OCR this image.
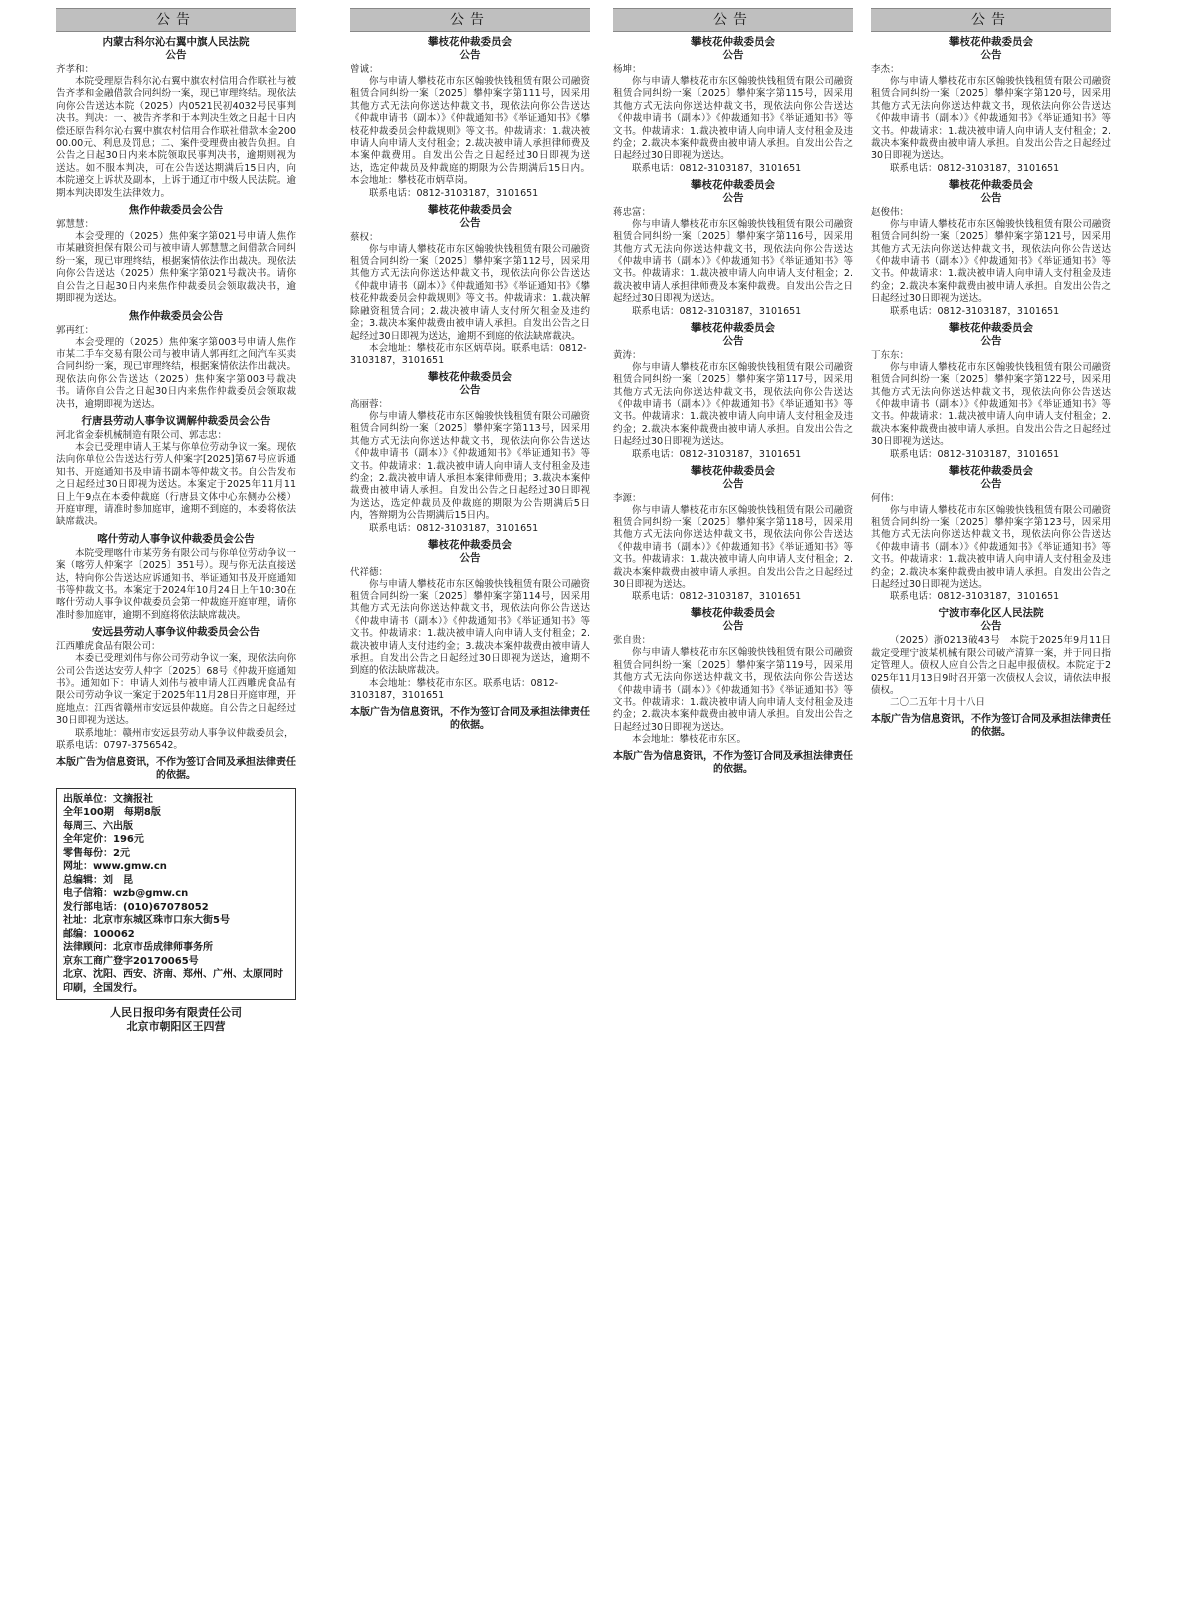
公告
内蒙古科尔沁右翼中旗人民法院
公告
齐孝和：

本院受理原告科尔沁右翼中旗农村信用合作联社与被告齐孝和金融借款合同纠纷一案，现已审理终结。现依法向你公告送达本院（2025）内0521民初4032号民事判决书。判决：一、被告齐孝和于本判决生效之日起十日内偿还原告科尔沁右翼中旗农村信用合作联社借款本金20000.00元、利息及罚息；二、案件受理费由被告负担。自公告之日起30日内来本院领取民事判决书，逾期则视为送达。如不服本判决，可在公告送达期满后15日内，向本院递交上诉状及副本，上诉于通辽市中级人民法院。逾期本判决即发生法律效力。

焦作仲裁委员会公告
郭慧慧：

本会受理的（2025）焦仲案字第021号申请人焦作市某融资担保有限公司与被申请人郭慧慧之间借款合同纠纷一案，现已审理终结，根据案情依法作出裁决。现依法向你公告送达（2025）焦仲案字第021号裁决书。请你自公告之日起30日内来焦作仲裁委员会领取裁决书，逾期即视为送达。

焦作仲裁委员会公告
郭再红：

本会受理的（2025）焦仲案字第003号申请人焦作市某二手车交易有限公司与被申请人郭再红之间汽车买卖合同纠纷一案，现已审理终结，根据案情依法作出裁决。现依法向你公告送达（2025）焦仲案字第003号裁决书。请你自公告之日起30日内来焦作仲裁委员会领取裁决书，逾期即视为送达。

行唐县劳动人事争议调解仲裁委员会公告
河北省金泰机械制造有限公司、郭志忠：

本会已受理申请人王某与你单位劳动争议一案。现依法向你单位公告送达行劳人仲案字[2025]第67号应诉通知书、开庭通知书及申请书副本等仲裁文书。自公告发布之日起经过30日即视为送达。本案定于2025年11月11日上午9点在本委仲裁庭（行唐县文体中心东侧办公楼）开庭审理，请准时参加庭审，逾期不到庭的，本委将依法缺席裁决。

喀什劳动人事争议仲裁委员会公告

本院受理喀什市某劳务有限公司与你单位劳动争议一案（喀劳人仲案字〔2025〕351号）。现与你无法直接送达，特向你公告送达应诉通知书、举证通知书及开庭通知书等仲裁文书。本案定于2024年10月24日上午10:30在喀什劳动人事争议仲裁委员会第一仲裁庭开庭审理，请你准时参加庭审，逾期不到庭将依法缺席裁决。

安远县劳动人事争议仲裁委员会公告
江西雕虎食品有限公司：

本委已受理刘伟与你公司劳动争议一案，现依法向你公司公告送达安劳人仲字〔2025〕68号《仲裁开庭通知书》。通知如下：申请人刘伟与被申请人江西雕虎食品有限公司劳动争议一案定于2025年11月28日开庭审理，开庭地点：江西省赣州市安远县仲裁庭。自公告之日起经过30日即视为送达。

联系地址：赣州市安远县劳动人事争议仲裁委员会，联系电话：0797-3756542。

本版广告为信息资讯，不作为签订合同及承担法律责任的依据。
出版单位：文摘报社
全年100期　每期8版
每周三、六出版
全年定价：196元
零售每份：2元
网址：www.gmw.cn
总编辑：刘　昆
电子信箱：wzb@gmw.cn
发行部电话：(010)67078052
社址：北京市东城区珠市口东大街5号
邮编：100062
法律顾问：北京市岳成律师事务所
京东工商广登字20170065号
北京、沈阳、西安、济南、郑州、广州、太原同时印刷，全国发行。
人民日报印务有限责任公司
北京市朝阳区王四营
公告
攀枝花仲裁委员会
公告
曾诚：

你与申请人攀枝花市东区翰骏快钱租赁有限公司融资租赁合同纠纷一案〔2025〕攀仲案字第111号，因采用其他方式无法向你送达仲裁文书，现依法向你公告送达《仲裁申请书（副本）》《仲裁通知书》《举证通知书》《攀枝花仲裁委员会仲裁规则》等文书。仲裁请求：1.裁决被申请人向申请人支付租金；2.裁决被申请人承担律师费及本案仲裁费用。自发出公告之日起经过30日即视为送达，选定仲裁员及仲裁庭的期限为公告期满后15日内。本会地址：攀枝花市炳草岗。

联系电话：0812-3103187，3101651

攀枝花仲裁委员会
公告
蔡权：

你与申请人攀枝花市东区翰骏快钱租赁有限公司融资租赁合同纠纷一案〔2025〕攀仲案字第112号，因采用其他方式无法向你送达仲裁文书，现依法向你公告送达《仲裁申请书（副本）》《仲裁通知书》《举证通知书》《攀枝花仲裁委员会仲裁规则》等文书。仲裁请求：1.裁决解除融资租赁合同；2.裁决被申请人支付所欠租金及违约金；3.裁决本案仲裁费由被申请人承担。自发出公告之日起经过30日即视为送达，逾期不到庭的依法缺席裁决。

本会地址：攀枝花市东区炳草岗。联系电话：0812-3103187，3101651

攀枝花仲裁委员会
公告
高丽蓉：

你与申请人攀枝花市东区翰骏快钱租赁有限公司融资租赁合同纠纷一案〔2025〕攀仲案字第113号，因采用其他方式无法向你送达仲裁文书，现依法向你公告送达《仲裁申请书（副本）》《仲裁通知书》《举证通知书》等文书。仲裁请求：1.裁决被申请人向申请人支付租金及违约金；2.裁决被申请人承担本案律师费用；3.裁决本案仲裁费由被申请人承担。自发出公告之日起经过30日即视为送达，选定仲裁员及仲裁庭的期限为公告期满后5日内，答辩期为公告期满后15日内。

联系电话：0812-3103187，3101651

攀枝花仲裁委员会
公告
代祥德：

你与申请人攀枝花市东区翰骏快钱租赁有限公司融资租赁合同纠纷一案〔2025〕攀仲案字第114号，因采用其他方式无法向你送达仲裁文书，现依法向你公告送达《仲裁申请书（副本）》《仲裁通知书》《举证通知书》等文书。仲裁请求：1.裁决被申请人向申请人支付租金；2.裁决被申请人支付违约金；3.裁决本案仲裁费由被申请人承担。自发出公告之日起经过30日即视为送达，逾期不到庭的依法缺席裁决。

本会地址：攀枝花市东区。联系电话：0812-3103187，3101651

本版广告为信息资讯，不作为签订合同及承担法律责任的依据。
公告
攀枝花仲裁委员会
公告
杨坤：

你与申请人攀枝花市东区翰骏快钱租赁有限公司融资租赁合同纠纷一案〔2025〕攀仲案字第115号，因采用其他方式无法向你送达仲裁文书，现依法向你公告送达《仲裁申请书（副本）》《仲裁通知书》《举证通知书》等文书。仲裁请求：1.裁决被申请人向申请人支付租金及违约金；2.裁决本案仲裁费由被申请人承担。自发出公告之日起经过30日即视为送达。

联系电话：0812-3103187，3101651

攀枝花仲裁委员会
公告
蒋忠富：

你与申请人攀枝花市东区翰骏快钱租赁有限公司融资租赁合同纠纷一案〔2025〕攀仲案字第116号，因采用其他方式无法向你送达仲裁文书，现依法向你公告送达《仲裁申请书（副本）》《仲裁通知书》《举证通知书》等文书。仲裁请求：1.裁决被申请人向申请人支付租金；2.裁决被申请人承担律师费及本案仲裁费。自发出公告之日起经过30日即视为送达。

联系电话：0812-3103187，3101651

攀枝花仲裁委员会
公告
黄涛：

你与申请人攀枝花市东区翰骏快钱租赁有限公司融资租赁合同纠纷一案〔2025〕攀仲案字第117号，因采用其他方式无法向你送达仲裁文书，现依法向你公告送达《仲裁申请书（副本）》《仲裁通知书》《举证通知书》等文书。仲裁请求：1.裁决被申请人向申请人支付租金及违约金；2.裁决本案仲裁费由被申请人承担。自发出公告之日起经过30日即视为送达。

联系电话：0812-3103187，3101651

攀枝花仲裁委员会
公告
李源：

你与申请人攀枝花市东区翰骏快钱租赁有限公司融资租赁合同纠纷一案〔2025〕攀仲案字第118号，因采用其他方式无法向你送达仲裁文书，现依法向你公告送达《仲裁申请书（副本）》《仲裁通知书》《举证通知书》等文书。仲裁请求：1.裁决被申请人向申请人支付租金；2.裁决本案仲裁费由被申请人承担。自发出公告之日起经过30日即视为送达。

联系电话：0812-3103187，3101651

攀枝花仲裁委员会
公告
张自贵：

你与申请人攀枝花市东区翰骏快钱租赁有限公司融资租赁合同纠纷一案〔2025〕攀仲案字第119号，因采用其他方式无法向你送达仲裁文书，现依法向你公告送达《仲裁申请书（副本）》《仲裁通知书》《举证通知书》等文书。仲裁请求：1.裁决被申请人向申请人支付租金及违约金；2.裁决本案仲裁费由被申请人承担。自发出公告之日起经过30日即视为送达。

本会地址：攀枝花市东区。

本版广告为信息资讯，不作为签订合同及承担法律责任的依据。
公告
攀枝花仲裁委员会
公告
李杰：

你与申请人攀枝花市东区翰骏快钱租赁有限公司融资租赁合同纠纷一案〔2025〕攀仲案字第120号，因采用其他方式无法向你送达仲裁文书，现依法向你公告送达《仲裁申请书（副本）》《仲裁通知书》《举证通知书》等文书。仲裁请求：1.裁决被申请人向申请人支付租金；2.裁决本案仲裁费由被申请人承担。自发出公告之日起经过30日即视为送达。

联系电话：0812-3103187，3101651

攀枝花仲裁委员会
公告
赵俊伟：

你与申请人攀枝花市东区翰骏快钱租赁有限公司融资租赁合同纠纷一案〔2025〕攀仲案字第121号，因采用其他方式无法向你送达仲裁文书，现依法向你公告送达《仲裁申请书（副本）》《仲裁通知书》《举证通知书》等文书。仲裁请求：1.裁决被申请人向申请人支付租金及违约金；2.裁决本案仲裁费由被申请人承担。自发出公告之日起经过30日即视为送达。

联系电话：0812-3103187，3101651

攀枝花仲裁委员会
公告
丁东东：

你与申请人攀枝花市东区翰骏快钱租赁有限公司融资租赁合同纠纷一案〔2025〕攀仲案字第122号，因采用其他方式无法向你送达仲裁文书，现依法向你公告送达《仲裁申请书（副本）》《仲裁通知书》《举证通知书》等文书。仲裁请求：1.裁决被申请人向申请人支付租金；2.裁决本案仲裁费由被申请人承担。自发出公告之日起经过30日即视为送达。

联系电话：0812-3103187，3101651

攀枝花仲裁委员会
公告
何伟：

你与申请人攀枝花市东区翰骏快钱租赁有限公司融资租赁合同纠纷一案〔2025〕攀仲案字第123号，因采用其他方式无法向你送达仲裁文书，现依法向你公告送达《仲裁申请书（副本）》《仲裁通知书》《举证通知书》等文书。仲裁请求：1.裁决被申请人向申请人支付租金及违约金；2.裁决本案仲裁费由被申请人承担。自发出公告之日起经过30日即视为送达。

联系电话：0812-3103187，3101651

宁波市奉化区人民法院
公告

（2025）浙0213破43号　本院于2025年9月11日裁定受理宁波某机械有限公司破产清算一案，并于同日指定管理人。债权人应自公告之日起申报债权。本院定于2025年11月13日9时召开第一次债权人会议，请依法申报债权。

二〇二五年十月十八日

本版广告为信息资讯，不作为签订合同及承担法律责任的依据。
